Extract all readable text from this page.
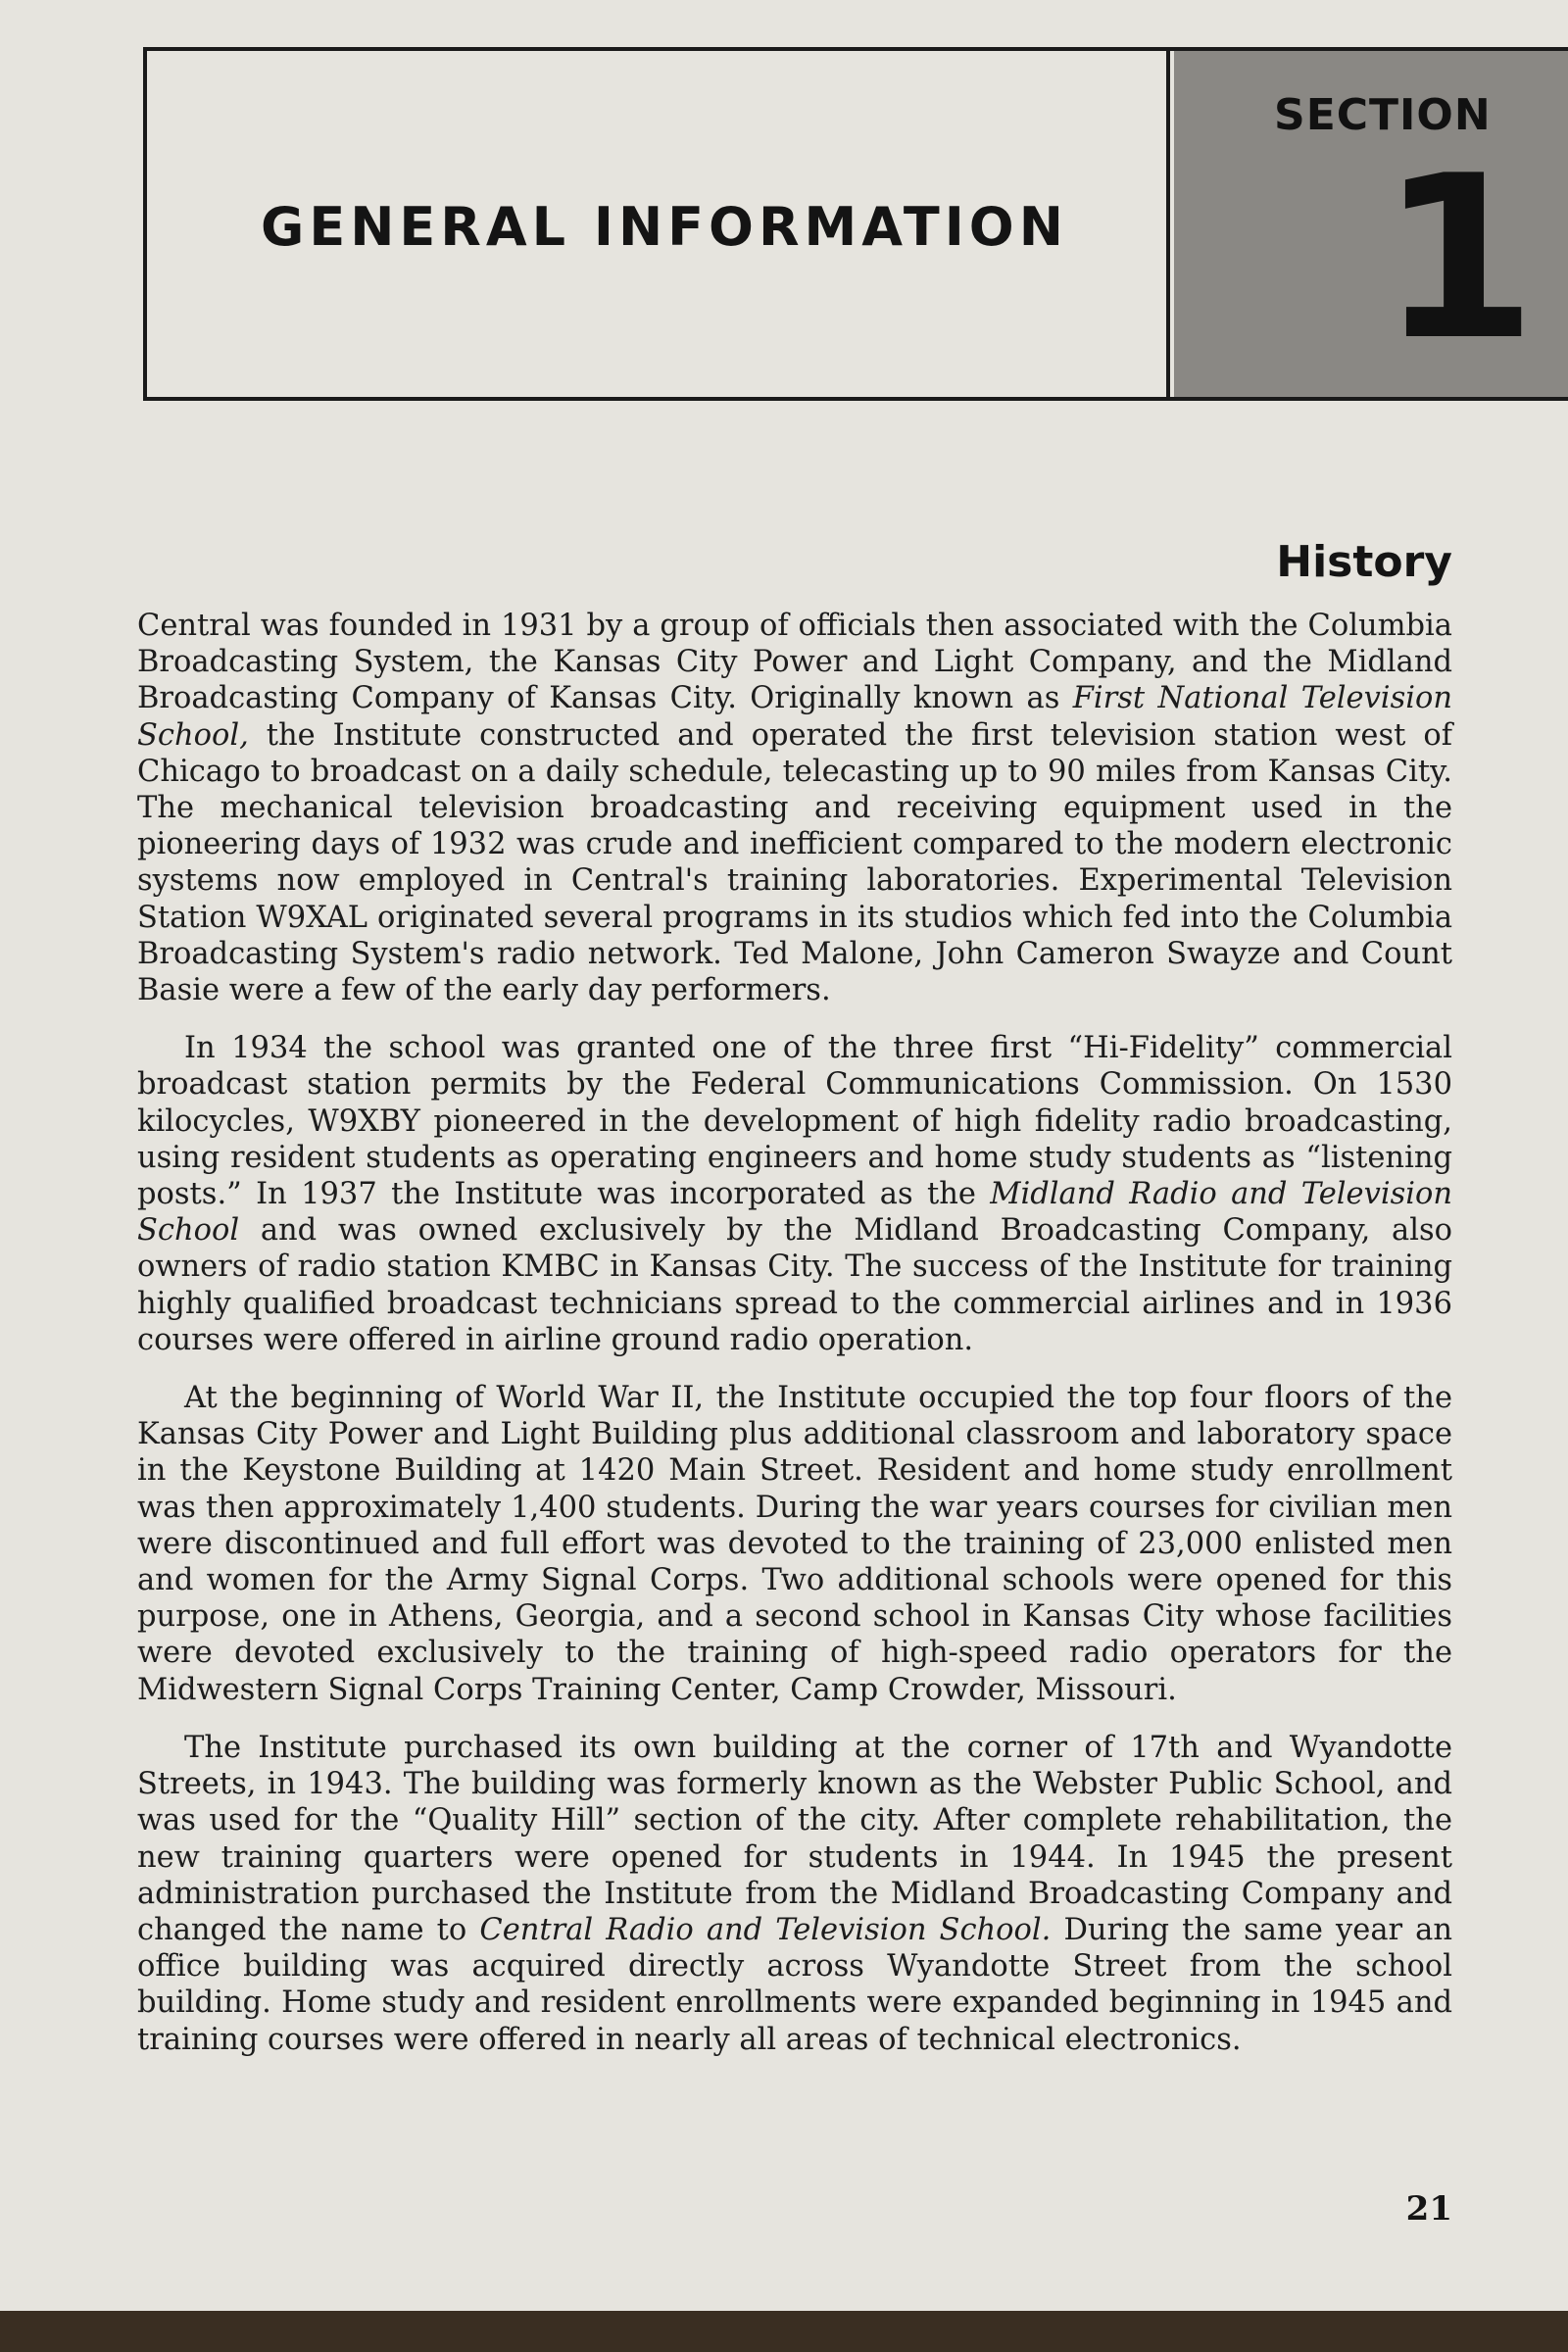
SECTION
1
GENERAL INFORMATION
History

Central was founded in 1931 by a group of officials then associated with the Columbia Broadcasting System, the Kansas City Power and Light Company, and the Midland Broadcasting Company of Kansas City. Originally known as First National Television School, the Institute constructed and operated the first television station west of Chicago to broadcast on a daily schedule, telecasting up to 90 miles from Kansas City. The mechanical television broadcasting and receiving equipment used in the pioneering days of 1932 was crude and inefficient compared to the modern electronic systems now employed in Central's training laboratories. Experimental Television Station W9XAL originated several programs in its studios which fed into the Columbia Broadcasting System's radio network. Ted Malone, John Cameron Swayze and Count Basie were a few of the early day performers.

In 1934 the school was granted one of the three first “Hi-Fidelity” commercial broadcast station permits by the Federal Communications Commission. On 1530 kilocycles, W9XBY pioneered in the development of high fidelity radio broadcasting, using resident students as operating engineers and home study students as “listening posts.” In 1937 the Institute was incorporated as the Midland Radio and Television School and was owned exclusively by the Midland Broadcasting Company, also owners of radio station KMBC in Kansas City. The success of the Institute for training highly qualified broadcast technicians spread to the commercial airlines and in 1936 courses were offered in airline ground radio operation.

At the beginning of World War II, the Institute occupied the top four floors of the Kansas City Power and Light Building plus additional classroom and laboratory space in the Keystone Building at 1420 Main Street. Resident and home study enrollment was then approximately 1,400 students. During the war years courses for civilian men were discontinued and full effort was devoted to the training of 23,000 enlisted men and women for the Army Signal Corps. Two additional schools were opened for this purpose, one in Athens, Georgia, and a second school in Kansas City whose facilities were devoted exclusively to the training of high-speed radio operators for the Midwestern Signal Corps Training Center, Camp Crowder, Missouri.

The Institute purchased its own building at the corner of 17th and Wyandotte Streets, in 1943. The building was formerly known as the Webster Public School, and was used for the “Quality Hill” section of the city. After complete rehabilitation, the new training quarters were opened for students in 1944. In 1945 the present administration purchased the Institute from the Midland Broadcasting Company and changed the name to Central Radio and Television School. During the same year an office building was acquired directly across Wyandotte Street from the school building. Home study and resident enrollments were expanded beginning in 1945 and training courses were offered in nearly all areas of technical electronics.

21
